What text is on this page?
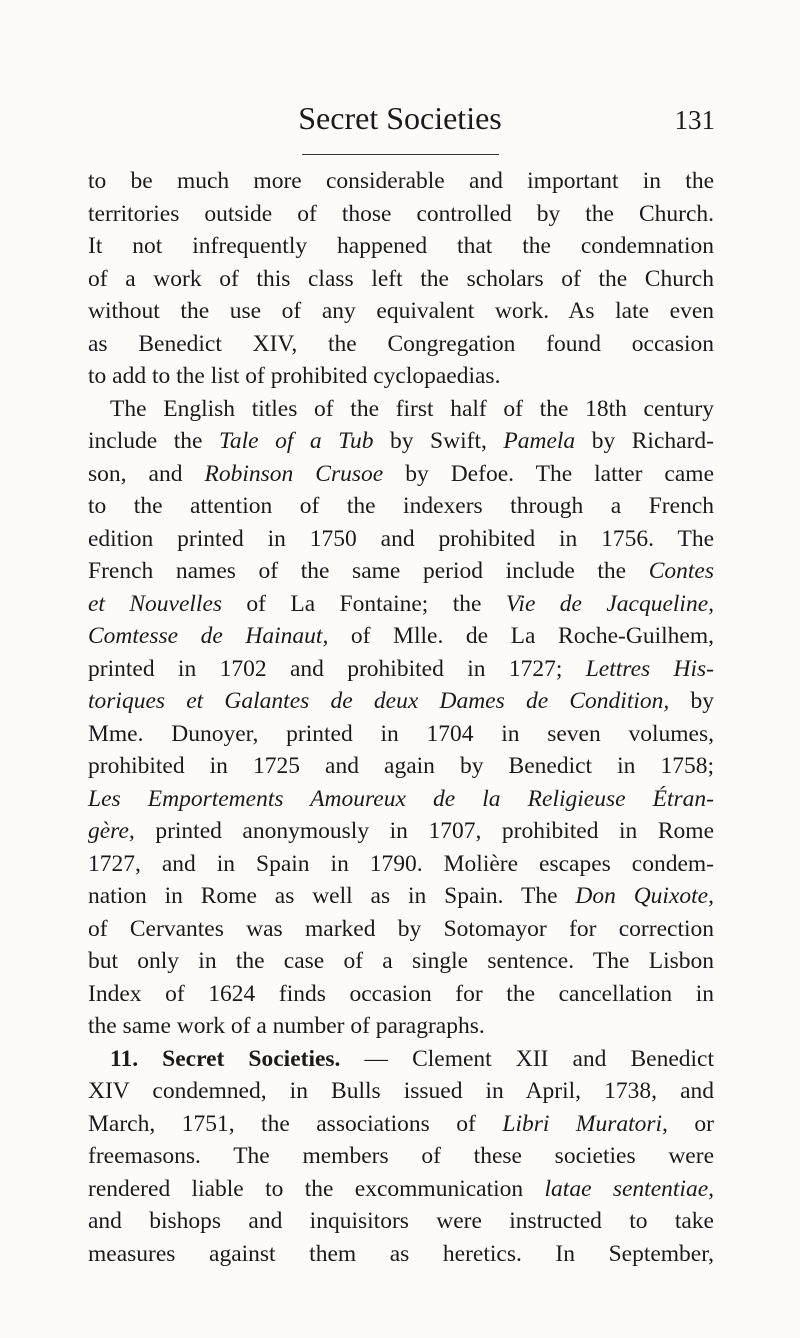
Secret Societies	131
to be much more considerable and important in the
territories outside of those controlled by the Church.
It not infrequently happened that the condemnation
of a work of this class left the scholars of the Church
without the use of any equivalent work. As late even
as Benedict XIV, the Congregation found occasion
to add to the list of prohibited cyclopaedias.
The English titles of the first half of the 18th century
include the Tale of a Tub by Swift, Pamela by Richard-
son, and Robinson Crusoe by Defoe. The latter came
to the attention of the indexers through a French
edition printed in 1750 and prohibited in 1756. The
French names of the same period include the Contes
et Nouvelles of La Fontaine; the Vie de Jacqueline,
Comtesse de Hainaut, of Mlle. de La Roche-Guilhem,
printed in 1702 and prohibited in 1727; Lettres His-
toriques et Galantes de deux Dames de Condition, by
Mme. Dunoyer, printed in 1704 in seven volumes,
prohibited in 1725 and again by Benedict in 1758;
Les Emportements Amoureux de la Religieuse Étran-
gère, printed anonymously in 1707, prohibited in Rome
1727, and in Spain in 1790. Molière escapes condem-
nation in Rome as well as in Spain. The Don Quixote,
of Cervantes was marked by Sotomayor for correction
but only in the case of a single sentence. The Lisbon
Index of 1624 finds occasion for the cancellation in
the same work of a number of paragraphs.
11. Secret Societies. — Clement XII and Benedict
XIV condemned, in Bulls issued in April, 1738, and
March, 1751, the associations of Libri Muratori, or
freemasons. The members of these societies were
rendered liable to the excommunication latae sententiae,
and bishops and inquisitors were instructed to take
measures against them as heretics. In September,
